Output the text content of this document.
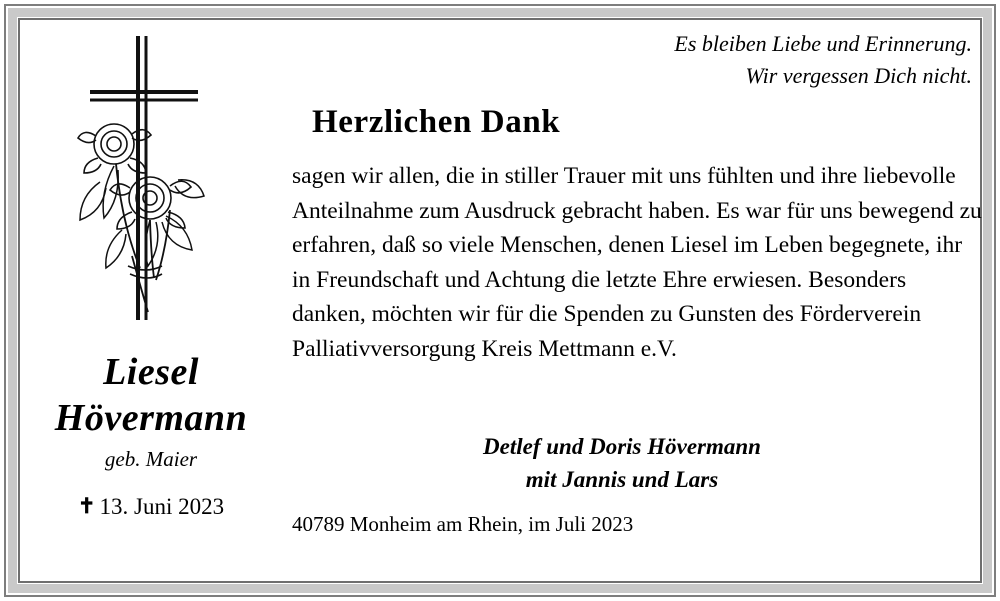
Liesel
Hövermann
geb. Maier
✝ 13. Juni 2023
Es bleiben Liebe und Erinnerung.
Wir vergessen Dich nicht.
Herzlichen Dank
sagen wir allen, die in stiller Trauer mit uns fühlten und ihre liebevolle Anteilnahme zum Ausdruck gebracht haben. Es war für uns bewegend zu erfahren, daß so viele Menschen, denen Liesel im Leben begegnete, ihr in Freundschaft und Achtung die letzte Ehre erwiesen. Besonders danken, möchten wir für die Spenden zu Gunsten des Förderverein Palliativversorgung Kreis Mettmann e.V.
Detlef und Doris Hövermann
mit Jannis und Lars
40789 Monheim am Rhein, im Juli 2023
